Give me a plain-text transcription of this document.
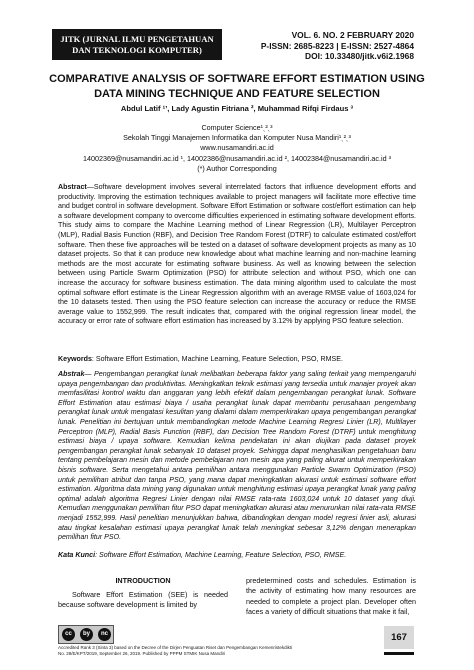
JITK (JURNAL ILMU PENGETAHUAN
DAN TEKNOLOGI KOMPUTER)
VOL. 6. NO. 2 FEBRUARY 2020
P-ISSN: 2685-8223 | E-ISSN: 2527-4864
DOI: 10.33480/jitk.v6i2.1968
COMPARATIVE ANALYSIS OF SOFTWARE EFFORT ESTIMATION USING
DATA MINING TECHNIQUE AND FEATURE SELECTION
Abdul Latif ¹’, Lady Agustin Fitriana ², Muhammad Rifqi Firdaus ³
Computer Science¹ˎ²ˎ³
Sekolah Tinggi Manajemen Informatika dan Komputer Nusa Mandiri¹ˎ²ˎ³
www.nusamandiri.ac.id
14002369@nusamandiri.ac.id ¹, 14002386@nusamandiri.ac.id ², 14002384@nusamandiri.ac.id ³
(*) Author Corresponding

Abstract—Software development involves several interrelated factors that influence development efforts and productivity. Improving the estimation techniques available to project managers will facilitate more effective time and budget control in software development. Software Effort Estimation or software cost/effort estimation can help a software development company to overcome difficulties experienced in estimating software development efforts. This study aims to compare the Machine Learning method of Linear Regression (LR), Multilayer Perceptron (MLP), Radial Basis Function (RBF), and Decision Tree Random Forest (DTRF) to calculate estimated cost/effort software. Then these five approaches will be tested on a dataset of software development projects as many as 10 dataset projects. So that it can produce new knowledge about what machine learning and non-machine learning methods are the most accurate for estimating software business. As well as knowing between the selection between using Particle Swarm Optimization (PSO) for attribute selection and without PSO, which one can increase the accuracy for software business estimation. The data mining algorithm used to calculate the most optimal software effort estimate is the Linear Regression algorithm with an average RMSE value of 1603,024 for the 10 datasets tested. Then using the PSO feature selection can increase the accuracy or reduce the RMSE average value to 1552,999. The result indicates that, compared with the original regression linear model, the accuracy or error rate of software effort estimation has increased by 3.12% by applying PSO feature selection.

Keywords: Software Effort Estimation, Machine Learning, Feature Selection, PSO, RMSE.

Abstrak— Pengembangan perangkat lunak melibatkan beberapa faktor yang saling terkait yang mempengaruhi upaya pengembangan dan produktivitas. Meningkatkan teknik estimasi yang tersedia untuk manajer proyek akan memfasilitasi kontrol waktu dan anggaran yang lebih efektif dalam pengembangan perangkat lunak. Software Effort Estimation atau estimasi biaya / usaha perangkat lunak dapat membantu perusahaan pengembang perangkat lunak untuk mengatasi kesulitan yang dialami dalam memperkirakan upaya pengembangan perangkat lunak. Penelitian ini bertujuan untuk membandingkan metode Machine Learning Regresi Linier (LR), Multilayer Perceptron (MLP), Radial Basis Function (RBF), dan Decision Tree Random Forest (DTRF) untuk menghitung estimasi biaya / upaya software. Kemudian kelima pendekatan ini akan diujikan pada dataset proyek pengembangan perangkat lunak sebanyak 10 dataset proyek. Sehingga dapat menghasilkan pengetahuan baru tentang pembelajaran mesin dan metode pembelajaran non mesin apa yang paling akurat untuk memperkirakan bisnis software. Serta mengetahui antara pemilihan antara menggunakan Particle Swarm Optimization (PSO) untuk pemilihan atribut dan tanpa PSO, yang mana dapat meningkatkan akurasi untuk estimasi software effort estimation. Algoritma data mining yang digunakan untuk menghitung estimasi upaya perangkat lunak yang paling optimal adalah algoritma Regresi Linier dengan nilai RMSE rata-rata 1603,024 untuk 10 dataset yang diuji. Kemudian menggunakan pemilihan fitur PSO dapat meningkatkan akurasi atau menurunkan nilai rata-rata RMSE menjadi 1552,999. Hasil penelitian menunjukkan bahwa, dibandingkan dengan model regresi linier asli, akurasi atau tingkat kesalahan estimasi upaya perangkat lunak telah meningkat sebesar 3,12% dengan menerapkan pemilihan fitur PSO.

Kata Kunci: Software Effort Estimation, Machine Learning, Feature Selection, PSO, RMSE.

INTRODUCTION

Software Effort Estimation (SEE) is needed because software development is limited by

predetermined costs and schedules. Estimation is the activity of estimating how many resources are needed to complete a project plan. Developer often faces a variety of difficult situations that make it fail,

cc	by	nc
Accredited Rank 3 (Sinta 3) based on the Decree of the Dirjen Penguatan Riset dan Pengembangan Kemenristekdikti
No. 28/E/KPT/2019, September 26, 2019. Published by PPPM STMIK Nusa Mandiri
167
